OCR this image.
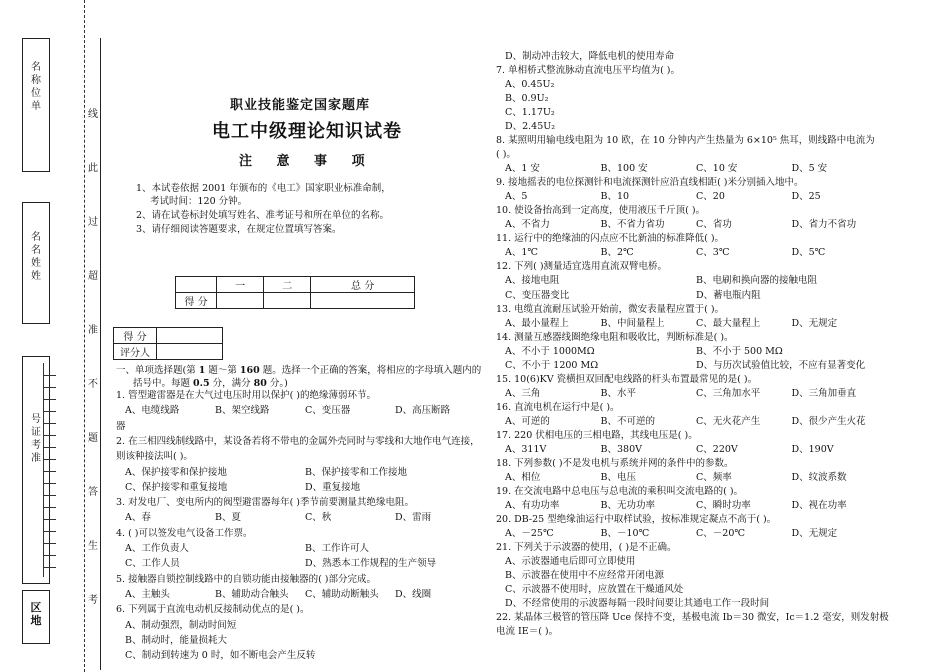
名
称
位
单
名
名
姓
姓
号
证
考
准
区
地
线
此
过
超
准
不
题
答
生
考
职业技能鉴定国家题库
电工中级理论知识试卷
注 意 事 项
1、本试卷依据 2001 年颁布的《电工》国家职业标准命制，
考试时间：120 分钟。
2、请在试卷标封处填写姓名、准考证号和所在单位的名称。
3、请仔细阅读答题要求，在规定位置填写答案。
	一	二	总 分
得 分			
得 分	
评分人	
一、单项选择题(第 1 题～第 160 题。选择一个正确的答案，将相应的字母填入题内的
括号中。每题 0.5 分，满分 80 分。)
1. 管型避雷器是在大气过电压时用以保护( )的绝缘薄弱环节。
A、电缆线路	B、架空线路	C、变压器	D、高压断路
器
2. 在三相四线制线路中，某设备若将不带电的金属外壳同时与零线和大地作电气连接，
则该种接法叫( )。
A、保护接零和保护接地	B、保护接零和工作接地
C、保护接零和重复接地	D、重复接地
3. 对发电厂、变电所内的阀型避雷器每年( )季节前要测量其绝缘电阻。
A、春	B、夏	C、秋	D、雷雨
4. ( )可以签发电气设备工作票。
A、工作负责人	B、工作许可人
C、工作人员	D、熟悉本工作规程的生产领导
5. 接触器自锁控制线路中的自锁功能由接触器的( )部分完成。
A、主触头	B、辅助动合触头 C、辅助动断触头 D、线圈
6. 下列属于直流电动机反接制动优点的是( )。
A、制动强烈，制动时间短
B、制动时，能量损耗大
C、制动到转速为 0 时，如不断电会产生反转
D、制动冲击较大，降低电机的使用寿命
7. 单相桥式整流脉动直流电压平均值为( )。
A、0.45U₂
B、0.9U₂
C、1.17U₂
D、2.45U₂
8. 某照明用输电线电阻为 10 欧，在 10 分钟内产生热量为 6×10⁵ 焦耳，则线路中电流为
( )。
A、1 安	B、100 安	C、10 安	D、5 安
9. 接地摇表的电位探测针和电流探测针应沿直线相距( )米分别插入地中。
A、5	B、10	C、20	D、25
10. 使设备抬高到一定高度，使用液压千斤顶( )。
A、不省力	B、不省力省功	C、省功	D、省力不省功
11. 运行中的绝缘油的闪点应不比新油的标准降低( )。
A、1℃	B、2℃	C、3℃	D、5℃
12. 下列( )测量适宜选用直流双臂电桥。
A、接地电阻	B、电刷和换向器的接触电阻
C、变压器变比	D、蓄电瓶内阻
13. 电缆直流耐压试验开始前，微安表量程应置于( )。
A、最小量程上	B、中间量程上	C、最大量程上	D、无规定
14. 测量互感器线圈绝缘电阻和吸收比，判断标准是( )。
A、不小于 1000MΩ	B、不小于 500 MΩ
C、不小于 1200 MΩ	D、与历次试验值比较，不应有显著变化
15. 10(6)KV 瓷横担双回配电线路的杆头布置最常见的是( )。
A、三角	B、水平	C、三角加水平	D、三角加垂直
16. 直流电机在运行中是( )。
A、可逆的	B、不可逆的	C、无火花产生	D、很少产生火花
17. 220 伏相电压的三相电路，其线电压是( )。
A、311V	B、380V	C、220V	D、190V
18. 下列参数( )不是发电机与系统并网的条件中的参数。
A、相位	B、电压	C、频率	D、纹波系数
19. 在交流电路中总电压与总电流的乘积叫交流电路的( )。
A、有功功率	B、无功功率	C、瞬时功率	D、视在功率
20. DB-25 型绝缘油运行中取样试验，按标准规定凝点不高于( )。
A、－25℃	B、－10℃	C、－20℃	D、无规定
21. 下列关于示波器的使用，( )是不正确。
A、示波器通电后即可立即使用
B、示波器在使用中不应经常开闭电源
C、示波器不使用时，应放置在干燥通风处
D、不经常使用的示波器每隔一段时间要让其通电工作一段时间
22. 某晶体三极管的管压降 Uce 保持不变，基极电流 Ib＝30 微安，Ic＝1.2 毫安，则发射极
电流 IE＝( )。
